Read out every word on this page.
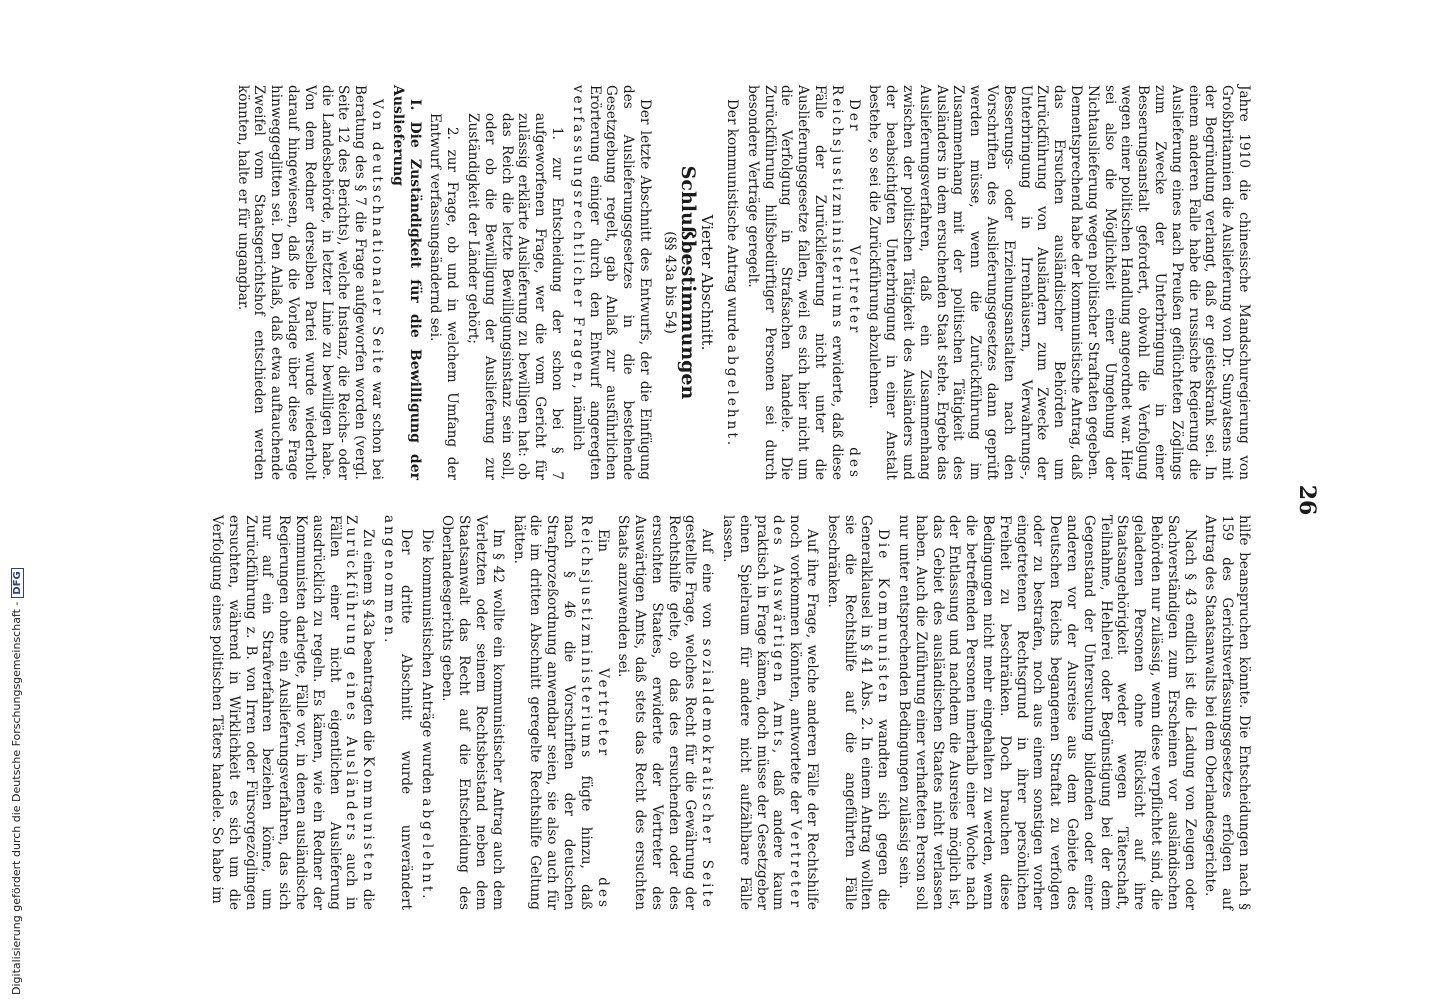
26

Jahre 1910 die chinesische Mandschuregierung von Großbritannien die Auslieferung von Dr. Sunyatsens mit der Begründung verlangt, daß er geisteskrank sei. In einem anderen Falle habe die russische Regierung die Auslieferung eines nach Preußen geflüchteten Zöglings zum Zwecke der Unterbringung in einer Besserungsanstalt gefordert, obwohl die Verfolgung wegen einer politischen Handlung angeordnet war. Hier sei also die Möglichkeit einer Umgehung der Nichtauslieferung wegen politischer Straftaten gegeben. Dementsprechend habe der kommunistische Antrag, daß das Ersuchen ausländischer Behörden um Zurückführung von Ausländern zum Zwecke der Unterbringung in Irrenhäusern, Verwahrungs-, Besserungs- oder Erziehungsanstalten nach den Vorschriften des Auslieferungsgesetzes dann geprüft werden müsse, wenn die Zurückführung im Zusammenhang mit der politischen Tätigkeit des Ausländers in dem ersuchenden Staat stehe. Ergebe das Auslieferungsverfahren, daß ein Zusammenhang zwischen der politischen Tätigkeit des Ausländers und der beabsichtigten Unterbringung in einer Anstalt bestehe, so sei die Zurückführung abzulehnen.

Der Vertreter des Reichsjustizministeriums erwiderte, daß diese Fälle der Zurücklieferung nicht unter die Auslieferungsgesetze fallen, weil es sich hier nicht um die Verfolgung in Strafsachen handele. Die Zurückführung hilfsbedürftiger Personen sei durch besondere Verträge geregelt.

Der kommunistische Antrag wurde abgelehnt.

Vierter Abschnitt.
Schlußbestimmungen
(§§ 43a bis 54)

Der letzte Abschnitt des Entwurfs, der die Einfügung des Auslieferungsgesetzes in die bestehende Gesetzgebung regelt, gab Anlaß zur ausführlichen Erörterung einiger durch den Entwurf angeregten verfassungsrechtlicher Fragen, nämlich

1. zur Entscheidung der schon bei § 7 aufgeworfenen Frage, wer die vom Gericht für zulässig erklärte Auslieferung zu bewilligen hat: ob das Reich die letzte Bewilligungsinstanz sein soll, oder ob die Bewilligung der Auslieferung zur Zuständigkeit der Länder gehört;

2. zur Frage, ob und in welchem Umfang der Entwurf verfassungsändernd sei.

I. Die Zuständigkeit für die Bewilligung der Auslieferung

Von deutschnationaler Seite war schon bei Beratung des § 7 die Frage aufgeworfen worden (vergl. Seite 12 des Berichts), welche Instanz, die Reichs- oder die Landesbehörde, in letzter Linie zu bewilligen habe. Von dem Redner derselben Partei wurde wiederholt darauf hingewiesen, daß die Vorlage über diese Frage hinweggeglitten sei. Den Anlaß, daß etwa auftauchende Zweifel vom Staatsgerichtshof entschieden werden könnten, halte er für ungangbar.

hilfe beanspruchen könnte. Die Entscheidungen nach § 159 des Gerichtsverfassungsgesetzes erfolgen auf Antrag des Staatsanwalts bei dem Oberlandesgerichte.

Nach § 43 endlich ist die Ladung von Zeugen oder Sachverständigen zum Erscheinen vor ausländischen Behörden nur zulässig, wenn diese verpflichtet sind, die geladenen Personen ohne Rücksicht auf ihre Staatsangehörigkeit weder wegen Täterschaft, Teilnahme, Hehlerei oder Begünstigung bei der dem Gegenstand der Untersuchung bildenden oder einer anderen vor der Ausreise aus dem Gebiete des Deutschen Reichs begangenen Straftat zu verfolgen oder zu bestrafen, noch aus einem sonstigen vorher eingetretenen Rechtsgrund in ihrer persönlichen Freiheit zu beschränken. Doch brauchen diese Bedingungen nicht mehr eingehalten zu werden, wenn die betreffenden Personen innerhalb einer Woche nach der Entlassung und nachdem die Ausreise möglich ist, das Gebiet des ausländischen Staates nicht verlassen haben. Auch die Zuführung einer verhafteten Person soll nur unter entsprechenden Bedingungen zulässig sein.

Die Kommunisten wandten sich gegen die Generalklausel in § 41 Abs. 2. In einem Antrag wollten sie die Rechtshilfe auf die angeführten Fälle beschränken.

Auf ihre Frage, welche anderen Fälle der Rechtshilfe noch vorkommen könnten, antwortete der Vertreter des Auswärtigen Amts, daß andere kaum praktisch in Frage kämen, doch müsse der Gesetzgeber einen Spielraum für andere nicht aufzählbare Fälle lassen.

Auf eine von sozialdemokratischer Seite gestellte Frage, welches Recht für die Gewährung der Rechtshilfe gelte, ob das des ersuchenden oder des ersuchten Staates, erwiderte der Vertreter des Auswärtigen Amts, daß stets das Recht des ersuchten Staats anzuwenden sei.

Ein Vertreter des Reichsjustizministeriums fügte hinzu, daß nach § 46 die Vorschriften der deutschen Strafprozeßordnung anwendbar seien, sie also auch für die im dritten Abschnitt geregelte Rechtshilfe Geltung hätten.

Im § 42 wollte ein kommunistischer Antrag auch dem Verletzten oder seinem Rechtsbeistand neben dem Staatsanwalt das Recht auf die Entscheidung des Oberlandesgerichts geben.

Die kommunistischen Anträge wurden abgelehnt.

Der dritte Abschnitt wurde unverändert angenommen.

Zu einem § 43a beantragten die Kommunisten die Zurückführung eines Ausländers auch in Fällen einer nicht eigentlichen Auslieferung ausdrücklich zu regeln. Es kämen, wie ein Redner der Kommunisten darlegte, Fälle vor, in denen ausländische Regierungen ohne ein Auslieferungsverfahren, das sich nur auf ein Strafverfahren beziehen könne, um Zurückführung z. B. von Irren oder Fürsorgezöglingen ersuchten, während in Wirklichkeit es sich um die Verfolgung eines politischen Täters handele. So habe im

Digitalisierung gefördert durch die Deutsche Forschungsgemeinschaft -DFG
